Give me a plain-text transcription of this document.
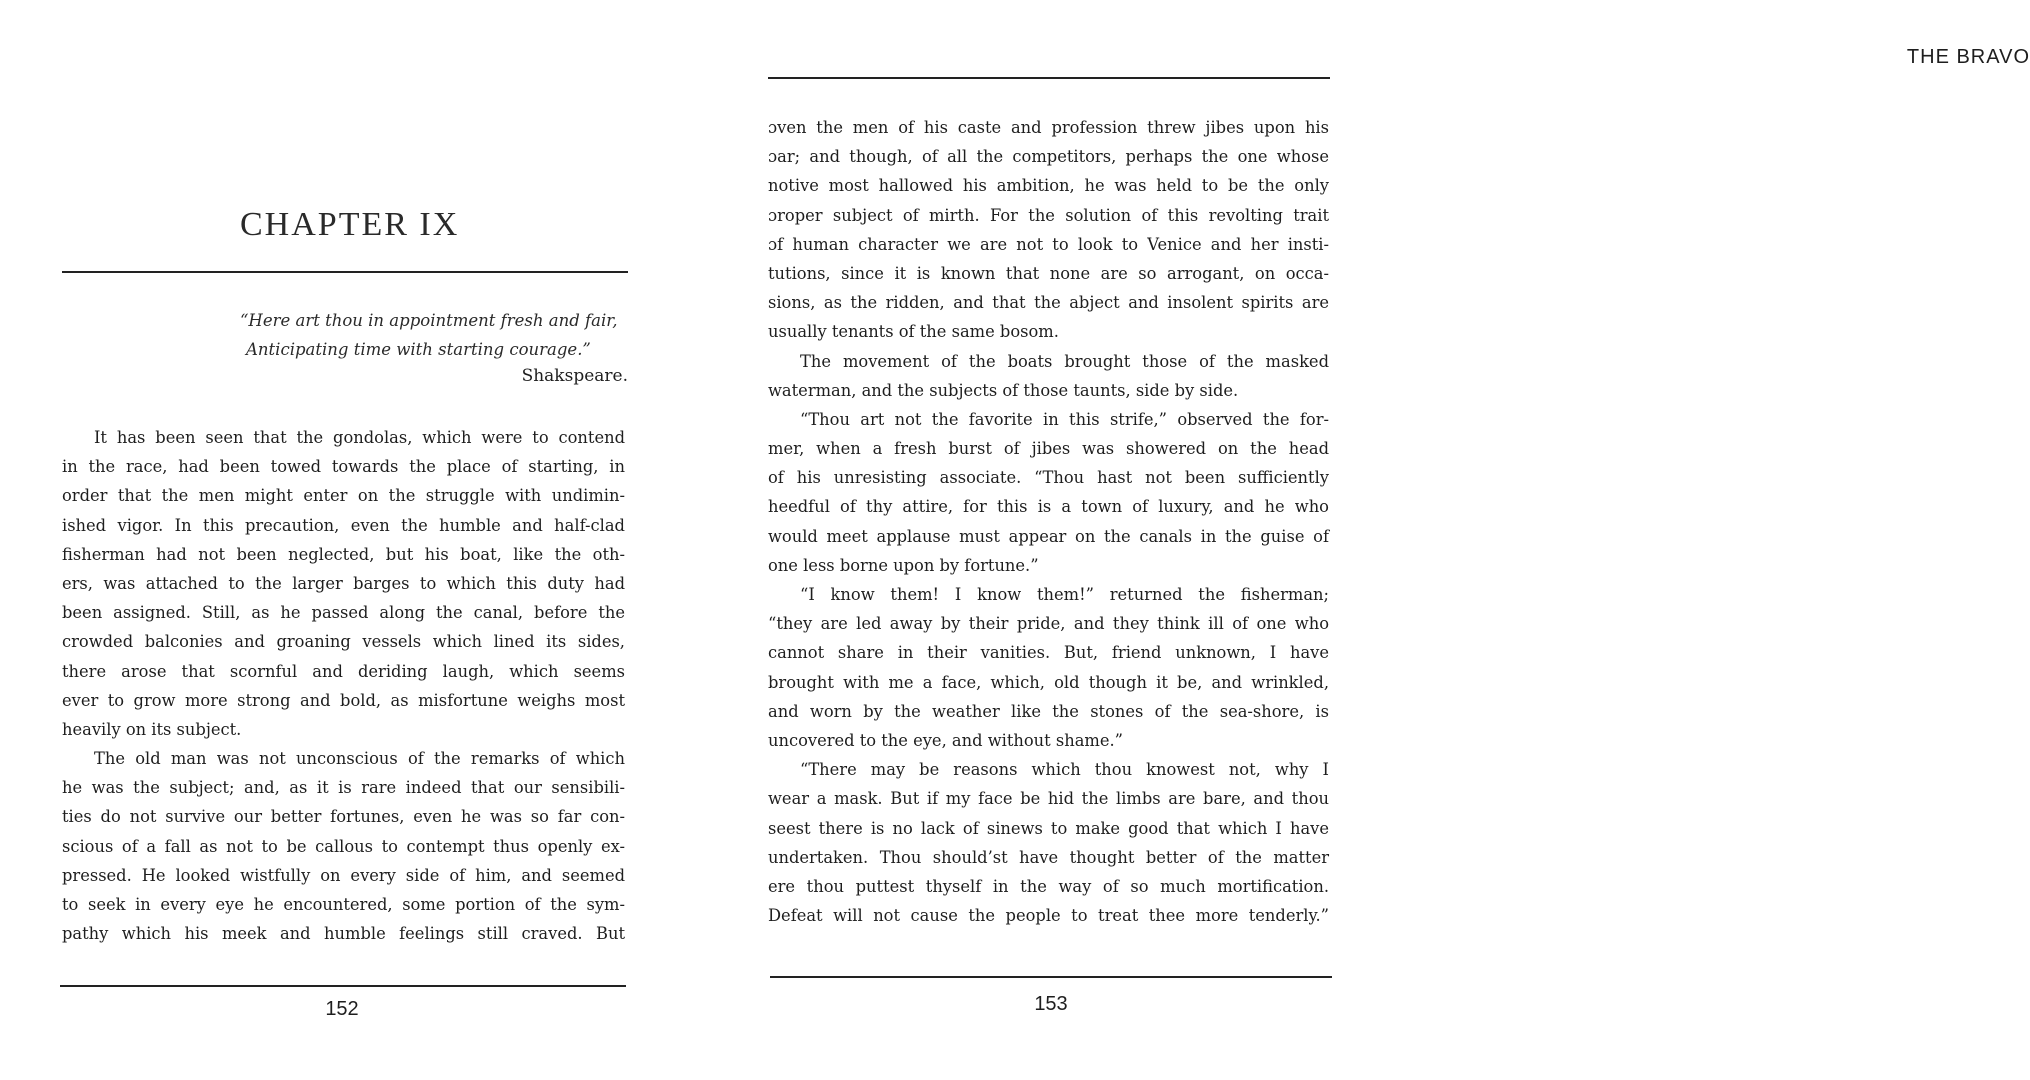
CHAPTER IX
“Here art thou in appointment fresh and fair,
Anticipating time with starting courage.”
Shakspeare.
It has been seen that the gondolas, which were to contend
in the race, had been towed towards the place of starting, in
order that the men might enter on the struggle with undimin-
ished vigor. In this precaution, even the humble and half-clad
fisherman had not been neglected, but his boat, like the oth-
ers, was attached to the larger barges to which this duty had
been assigned. Still, as he passed along the canal, before the
crowded balconies and groaning vessels which lined its sides,
there arose that scornful and deriding laugh, which seems
ever to grow more strong and bold, as misfortune weighs most
heavily on its subject.
The old man was not unconscious of the remarks of which
he was the subject; and, as it is rare indeed that our sensibili-
ties do not survive our better fortunes, even he was so far con-
scious of a fall as not to be callous to contempt thus openly ex-
pressed. He looked wistfully on every side of him, and seemed
to seek in every eye he encountered, some portion of the sym-
pathy which his meek and humble feelings still craved. But
152
THE BRAVO
ɔven the men of his caste and profession threw jibes upon his
ɔar; and though, of all the competitors, perhaps the one whose
notive most hallowed his ambition, he was held to be the only
ɔroper subject of mirth. For the solution of this revolting trait
ɔf human character we are not to look to Venice and her insti-
tutions, since it is known that none are so arrogant, on occa-
sions, as the ridden, and that the abject and insolent spirits are
usually tenants of the same bosom.
The movement of the boats brought those of the masked
waterman, and the subjects of those taunts, side by side.
“Thou art not the favorite in this strife,” observed the for-
mer, when a fresh burst of jibes was showered on the head
of his unresisting associate. “Thou hast not been sufficiently
heedful of thy attire, for this is a town of luxury, and he who
would meet applause must appear on the canals in the guise of
one less borne upon by fortune.”
“I know them! I know them!” returned the fisherman;
“they are led away by their pride, and they think ill of one who
cannot share in their vanities. But, friend unknown, I have
brought with me a face, which, old though it be, and wrinkled,
and worn by the weather like the stones of the sea-shore, is
uncovered to the eye, and without shame.”
“There may be reasons which thou knowest not, why I
wear a mask. But if my face be hid the limbs are bare, and thou
seest there is no lack of sinews to make good that which I have
undertaken. Thou should’st have thought better of the matter
ere thou puttest thyself in the way of so much mortification.
Defeat will not cause the people to treat thee more tenderly.”
153
